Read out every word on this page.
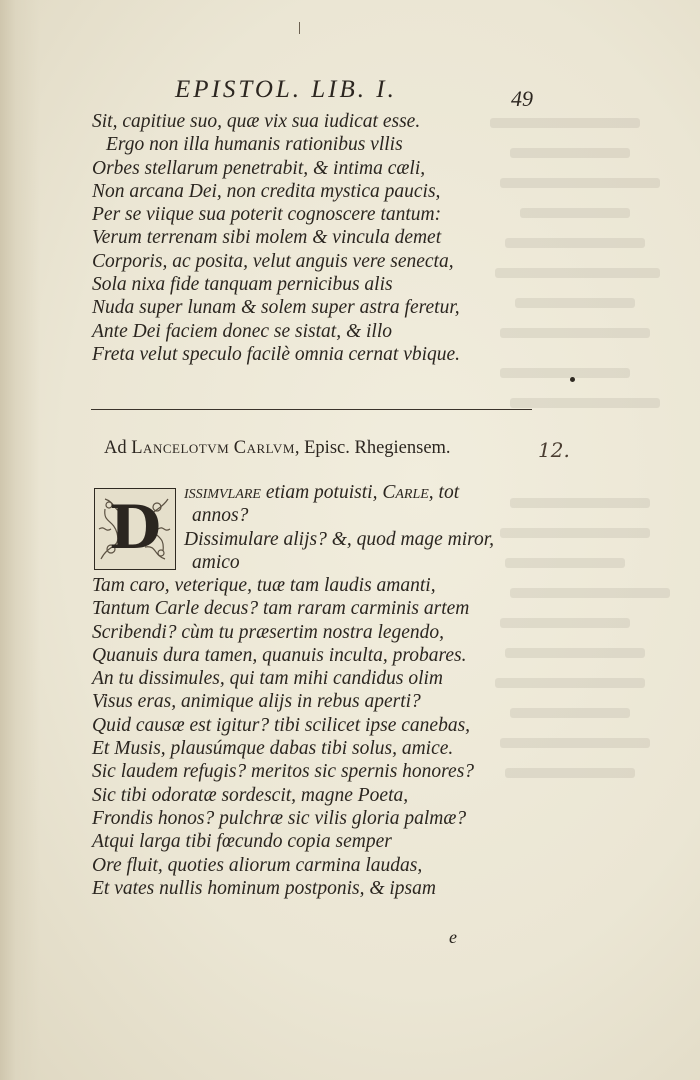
EPISTOL. LIB. I.	49
Sit, capitiue suo, quæ vix sua iudicat esse.
Ergo non illa humanis rationibus vllis
Orbes stellarum penetrabit, & intima cæli,
Non arcana Dei, non credita mystica paucis,
Per se viique sua poterit cognoscere tantum:
Verum terrenam sibi molem & vincula demet
Corporis, ac posita, velut anguis vere senecta,
Sola nixa fide tanquam pernicibus alis
Nuda super lunam & solem super astra feretur,
Ante Dei faciem donec se sistat, & illo
Freta velut speculo facilè omnia cernat vbique.
Ad Lancelotvm Carlvm, Episc. Rhegiensem.	12.
D
issimvlare etiam potuisti, Carle, tot
annos?
Dissimulare alijs? &, quod mage miror,
amico
Tam caro, veterique, tuæ tam laudis amanti,
Tantum Carle decus? tam raram carminis artem
Scribendi? cùm tu præsertim nostra legendo,
Quanuis dura tamen, quanuis inculta, probares.
An tu dissimules, qui tam mihi candidus olim
Visus eras, animique alijs in rebus aperti?
Quid causæ est igitur? tibi scilicet ipse canebas,
Et Musis, plausúmque dabas tibi solus, amice.
Sic laudem refugis? meritos sic spernis honores?
Sic tibi odoratæ sordescit, magne Poeta,
Frondis honos? pulchræ sic vilis gloria palmæ?
Atqui larga tibi fœcundo copia semper
Ore fluit, quoties aliorum carmina laudas,
Et vates nullis hominum postponis, & ipsam
e
